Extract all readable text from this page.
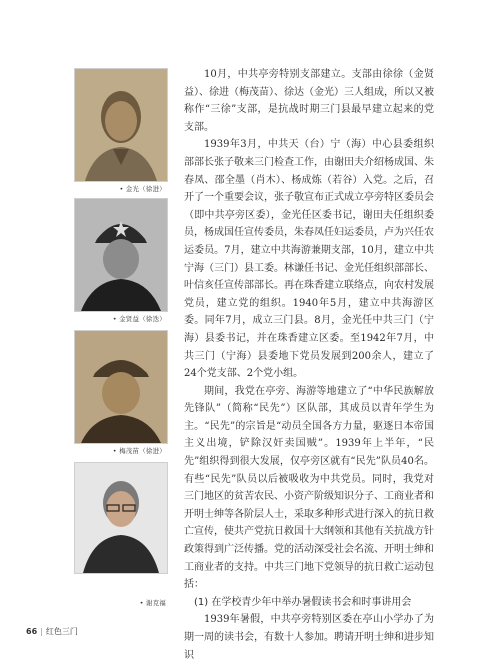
• 金光（徐进）
• 金贤益（徐迭）
• 梅茂苗（徐进）
• 谢克福

10月，中共亭旁特别支部建立。支部由徐徐（金贤益）、徐进（梅茂苗）、徐达（金光）三人组成，所以又被称作“三徐”支部，是抗战时期三门县最早建立起来的党支部。

1939年3月，中共天（台）宁（海）中心县委组织部部长张子敬来三门检查工作，由谢田夫介绍杨成国、朱春凤、邵全墨（肖木）、杨成炼（若谷）入党。之后，召开了一个重要会议，张子敬宣布正式成立亭旁特区委员会（即中共亭旁区委），金光任区委书记，谢田夫任组织委员，杨成国任宣传委员，朱春凤任妇运委员，卢为兴任农运委员。7月，建立中共海游兼期支部，10月，建立中共宁海（三门）县工委。林谦任书记、金光任组织部部长、叶信亥任宣传部部长。再在珠香建立联络点，向农村发展党员，建立党的组织。1940年5月，建立中共海游区委。同年7月，成立三门县。8月，金光任中共三门（宁海）县委书记，并在珠香建立区委。至1942年7月，中共三门（宁海）县委地下党员发展到200余人，建立了24个党支部、2个党小组。

期间，我党在亭旁、海游等地建立了“中华民族解放先锋队”（简称“民先”）区队部，其成员以青年学生为主。“民先”的宗旨是“动员全国各方力量，驱逐日本帝国主义出境，铲除汉奸卖国贼”。1939年上半年，“民先”组织得到很大发展，仅亭旁区就有“民先”队员40名。有些“民先”队员以后被吸收为中共党员。同时，我党对三门地区的贫苦农民、小资产阶级知识分子、工商业者和开明士绅等各阶层人士，采取多种形式进行深入的抗日救亡宣传，使共产党抗日救国十大纲领和其他有关抗战方针政策得到广泛传播。党的活动深受社会名流、开明士绅和工商业者的支持。中共三门地下党领导的抗日救亡运动包括：

(1) 在学校青少年中举办暑假读书会和时事讲用会

1939年暑假，中共亭旁特别区委在亭山小学办了为期一周的读书会，有数十人参加。聘请开明士绅和进步知识

66 | 红色三门
